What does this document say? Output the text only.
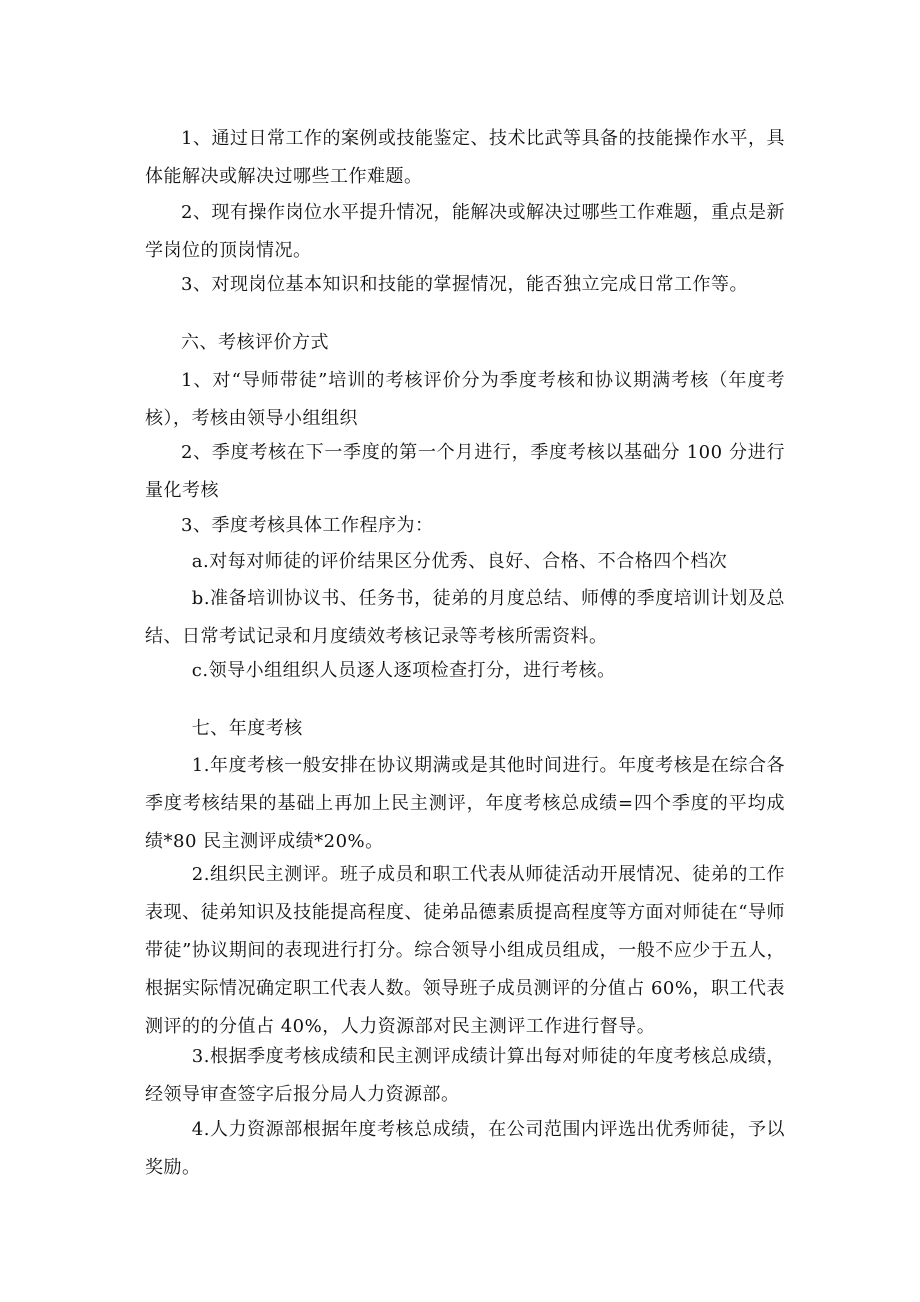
1、通过日常工作的案例或技能鉴定、技术比武等具备的技能操作水平，具体能解决或解决过哪些工作难题。

2、现有操作岗位水平提升情况，能解决或解决过哪些工作难题，重点是新学岗位的顶岗情况。

3、对现岗位基本知识和技能的掌握情况，能否独立完成日常工作等。

六、考核评价方式

1、对“导师带徒”培训的考核评价分为季度考核和协议期满考核（年度考核），考核由领导小组组织

2、季度考核在下一季度的第一个月进行，季度考核以基础分 100 分进行量化考核

3、季度考核具体工作程序为：

a.对每对师徒的评价结果区分优秀、良好、合格、不合格四个档次

b.准备培训协议书、任务书，徒弟的月度总结、师傅的季度培训计划及总结、日常考试记录和月度绩效考核记录等考核所需资料。

c.领导小组组织人员逐人逐项检查打分，进行考核。

七、年度考核

1.年度考核一般安排在协议期满或是其他时间进行。年度考核是在综合各季度考核结果的基础上再加上民主测评，年度考核总成绩=四个季度的平均成绩*80 民主测评成绩*20%。

2.组织民主测评。班子成员和职工代表从师徒活动开展情况、徒弟的工作表现、徒弟知识及技能提高程度、徒弟品德素质提高程度等方面对师徒在“导师带徒”协议期间的表现进行打分。综合领导小组成员组成，一般不应少于五人，根据实际情况确定职工代表人数。领导班子成员测评的分值占 60%，职工代表测评的的分值占 40%，人力资源部对民主测评工作进行督导。

3.根据季度考核成绩和民主测评成绩计算出每对师徒的年度考核总成绩，经领导审查签字后报分局人力资源部。

4.人力资源部根据年度考核总成绩，在公司范围内评选出优秀师徒，予以奖励。
